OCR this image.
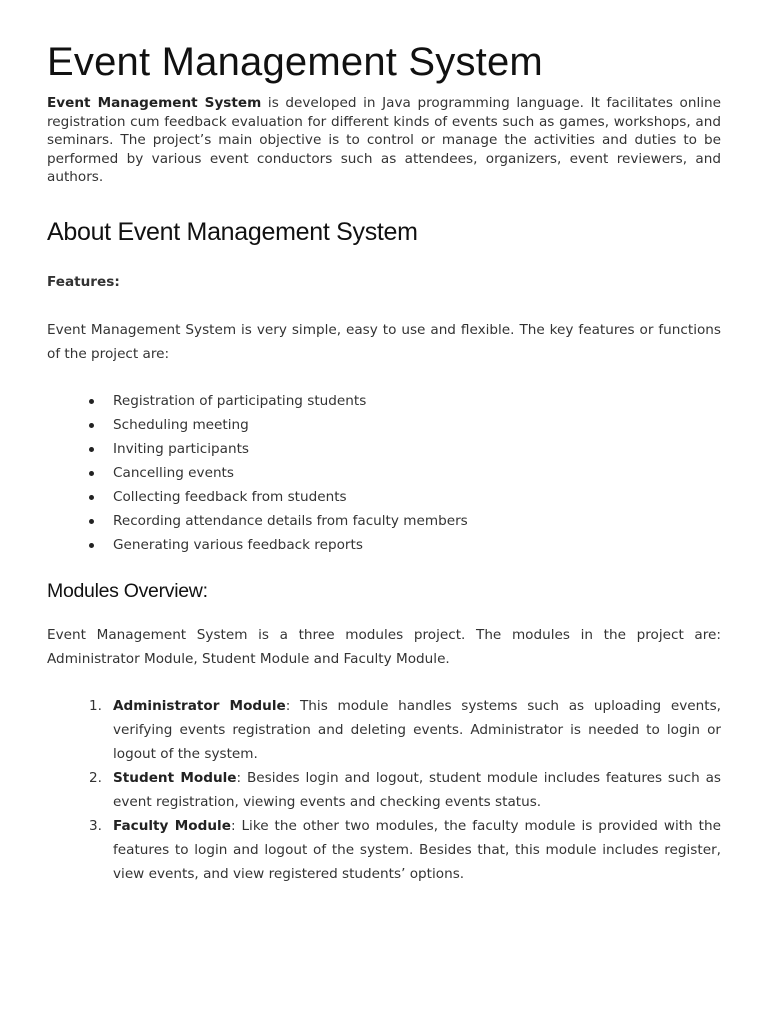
Event Management System

Event Management System is developed in Java programming language. It facilitates online registration cum feedback evaluation for different kinds of events such as games, workshops, and seminars. The project’s main objective is to control or manage the activities and duties to be performed by various event conductors such as attendees, organizers, event reviewers, and authors.

About Event Management System

Features:

Event Management System is very simple, easy to use and flexible. The key features or functions of the project are:

Registration of participating students
Scheduling meeting
Inviting participants
Cancelling events
Collecting feedback from students
Recording attendance details from faculty members
Generating various feedback reports
Modules Overview:

Event Management System is a three modules project. The modules in the project are: Administrator Module, Student Module and Faculty Module.

1. Administrator Module: This module handles systems such as uploading events, verifying events registration and deleting events. Administrator is needed to login or logout of the system.
2. Student Module: Besides login and logout, student module includes features such as event registration, viewing events and checking events status.
3. Faculty Module: Like the other two modules, the faculty module is provided with the features to login and logout of the system. Besides that, this module includes register, view events, and view registered students’ options.
